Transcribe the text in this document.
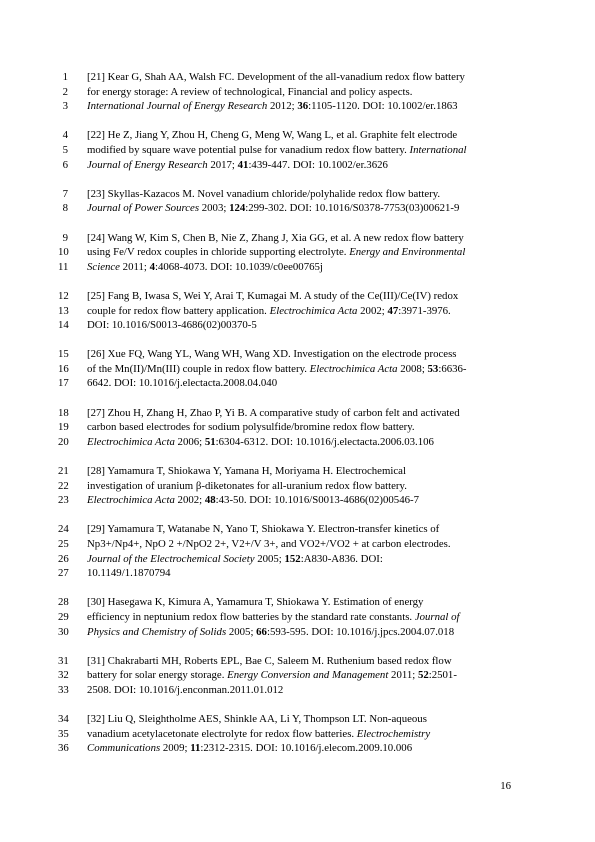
1 [21] Kear G, Shah AA, Walsh FC. Development of the all-vanadium redox flow battery
2 for energy storage: A review of technological, Financial and policy aspects.
3 International Journal of Energy Research 2012; 36:1105-1120. DOI: 10.1002/er.1863
4 [22] He Z, Jiang Y, Zhou H, Cheng G, Meng W, Wang L, et al. Graphite felt electrode
5 modified by square wave potential pulse for vanadium redox flow battery. International
6 Journal of Energy Research 2017; 41:439-447. DOI: 10.1002/er.3626
7 [23] Skyllas-Kazacos M. Novel vanadium chloride/polyhalide redox flow battery.
8 Journal of Power Sources 2003; 124:299-302. DOI: 10.1016/S0378-7753(03)00621-9
9 [24] Wang W, Kim S, Chen B, Nie Z, Zhang J, Xia GG, et al. A new redox flow battery
10 using Fe/V redox couples in chloride supporting electrolyte. Energy and Environmental
11 Science 2011; 4:4068-4073. DOI: 10.1039/c0ee00765j
12 [25] Fang B, Iwasa S, Wei Y, Arai T, Kumagai M. A study of the Ce(III)/Ce(IV) redox
13 couple for redox flow battery application. Electrochimica Acta 2002; 47:3971-3976.
14 DOI: 10.1016/S0013-4686(02)00370-5
15 [26] Xue FQ, Wang YL, Wang WH, Wang XD. Investigation on the electrode process
16 of the Mn(II)/Mn(III) couple in redox flow battery. Electrochimica Acta 2008; 53:6636-
17 6642. DOI: 10.1016/j.electacta.2008.04.040
18 [27] Zhou H, Zhang H, Zhao P, Yi B. A comparative study of carbon felt and activated
19 carbon based electrodes for sodium polysulfide/bromine redox flow battery.
20 Electrochimica Acta 2006; 51:6304-6312. DOI: 10.1016/j.electacta.2006.03.106
21 [28] Yamamura T, Shiokawa Y, Yamana H, Moriyama H. Electrochemical
22 investigation of uranium β-diketonates for all-uranium redox flow battery.
23 Electrochimica Acta 2002; 48:43-50. DOI: 10.1016/S0013-4686(02)00546-7
24 [29] Yamamura T, Watanabe N, Yano T, Shiokawa Y. Electron-transfer kinetics of
25 Np3+/Np4+, NpO 2 +/NpO2 2+, V2+/V 3+, and VO2+/VO2 + at carbon electrodes.
26 Journal of the Electrochemical Society 2005; 152:A830-A836. DOI:
27 10.1149/1.1870794
28 [30] Hasegawa K, Kimura A, Yamamura T, Shiokawa Y. Estimation of energy
29 efficiency in neptunium redox flow batteries by the standard rate constants. Journal of
30 Physics and Chemistry of Solids 2005; 66:593-595. DOI: 10.1016/j.jpcs.2004.07.018
31 [31] Chakrabarti MH, Roberts EPL, Bae C, Saleem M. Ruthenium based redox flow
32 battery for solar energy storage. Energy Conversion and Management 2011; 52:2501-
33 2508. DOI: 10.1016/j.enconman.2011.01.012
34 [32] Liu Q, Sleightholme AES, Shinkle AA, Li Y, Thompson LT. Non-aqueous
35 vanadium acetylacetonate electrolyte for redox flow batteries. Electrochemistry
36 Communications 2009; 11:2312-2315. DOI: 10.1016/j.elecom.2009.10.006
16
